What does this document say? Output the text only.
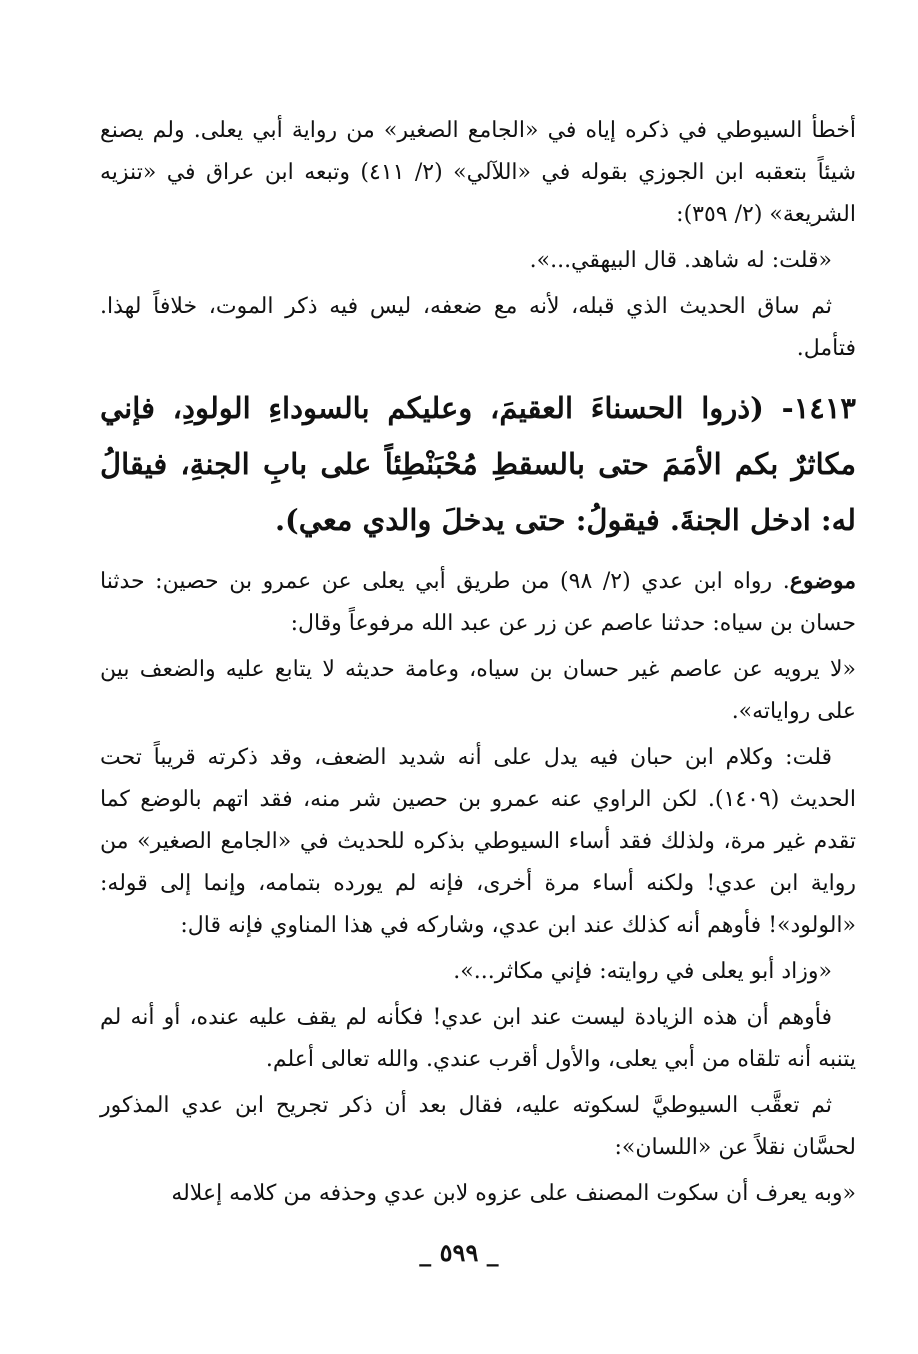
أخطأ السيوطي في ذكره إياه في «الجامع الصغير» من رواية أبي يعلى. ولم يصنع شيئاً بتعقبه ابن الجوزي بقوله في «اللآلي» (٢/ ٤١١) وتبعه ابن عراق في «تنزيه الشريعة» (٢/ ٣٥٩):

«قلت: له شاهد. قال البيهقي...».

ثم ساق الحديث الذي قبله، لأنه مع ضعفه، ليس فيه ذكر الموت، خلافاً لهذا. فتأمل.

١٤١٣- (ذروا الحسناءَ العقيمَ، وعليكم بالسوداءِ الولودِ، فإني مكاثرٌ بكم الأمَمَ حتى بالسقطِ مُحْبَنْطِئاً على بابِ الجنةِ، فيقالُ له: ادخل الجنةَ. فيقولُ: حتى يدخلَ والدي معي).

موضوع. رواه ابن عدي (٢/ ٩٨) من طريق أبي يعلى عن عمرو بن حصين: حدثنا حسان بن سياه: حدثنا عاصم عن زر عن عبد الله مرفوعاً وقال:

«لا يرويه عن عاصم غير حسان بن سياه، وعامة حديثه لا يتابع عليه والضعف بين على رواياته».

قلت: وكلام ابن حبان فيه يدل على أنه شديد الضعف، وقد ذكرته قريباً تحت الحديث (١٤٠٩). لكن الراوي عنه عمرو بن حصين شر منه، فقد اتهم بالوضع كما تقدم غير مرة، ولذلك فقد أساء السيوطي بذكره للحديث في «الجامع الصغير» من رواية ابن عدي! ولكنه أساء مرة أخرى، فإنه لم يورده بتمامه، وإنما إلى قوله: «الولود»! فأوهم أنه كذلك عند ابن عدي، وشاركه في هذا المناوي فإنه قال:

«وزاد أبو يعلى في روايته: فإني مكاثر...».

فأوهم أن هذه الزيادة ليست عند ابن عدي! فكأنه لم يقف عليه عنده، أو أنه لم يتنبه أنه تلقاه من أبي يعلى، والأول أقرب عندي. والله تعالى أعلم.

ثم تعقَّب السيوطيَّ لسكوته عليه، فقال بعد أن ذكر تجريح ابن عدي المذكور لحسَّان نقلاً عن «اللسان»:

«وبه يعرف أن سكوت المصنف على عزوه لابن عدي وحذفه من كلامه إعلاله

_ ٥٩٩ _
